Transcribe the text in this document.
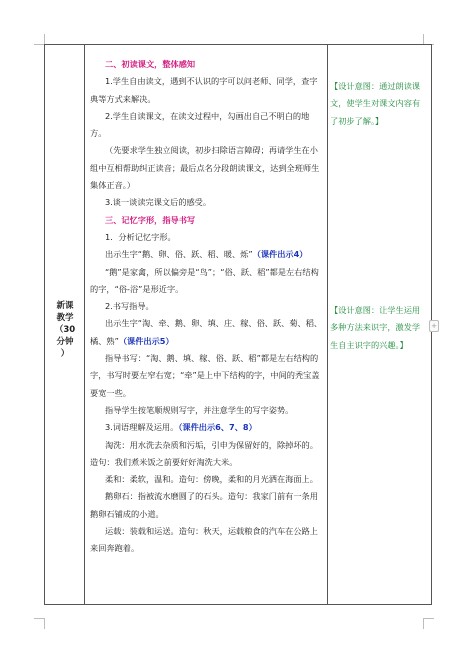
新课
教学
（30
分钟
）

二、初读课文，整体感知

1.学生自由读文，遇到不认识的字可以问老师、同学，查字典等方式来解决。

2.学生自读课文，在读文过程中，勾画出自己不明白的地方。

（先要求学生独立阅读，初步扫除语言障碍；再请学生在小组中互相帮助纠正读音；最后点名分段朗读课文，达到全班师生集体正音。）

3.谈一谈读完课文后的感受。

三、记忆字形，指导书写

1．分析记忆字形。

出示生字“鹅、卵、俗、跃、稻、暖、烁”（课件出示4）

“鹅”是家禽，所以偏旁是“鸟”；“俗、跃、稻”都是左右结构的字，“俗-浴”是形近字。

2.书写指导。

出示生字“淘、牵、鹅、卵、填、庄、稼、俗、跃、菊、稻、橘、熟”（课件出示5）

指导书写：“淘、鹅、填、稼、俗、跃、稻”都是左右结构的字，书写时要左窄右宽；“牵”是上中下结构的字，中间的秃宝盖要宽一些。

指导学生按笔顺规则写字，并注意学生的写字姿势。

3.词语理解及运用。（课件出示6、7、8）

淘洗：用水洗去杂质和污垢，引申为保留好的，除掉坏的。造句：我们煮米饭之前要好好淘洗大米。

柔和：柔软，温和。造句：傍晚，柔和的月光洒在海面上。

鹅卵石：指被流水磨圆了的石头。造句：我家门前有一条用鹅卵石铺成的小道。

运载：装载和运送。造句：秋天，运载粮食的汽车在公路上来回奔跑着。

【设计意图：通过朗读课文，使学生对课文内容有了初步了解。】
【设计意图：让学生运用多种方法来识字，激发学生自主识字的兴趣。】
+
